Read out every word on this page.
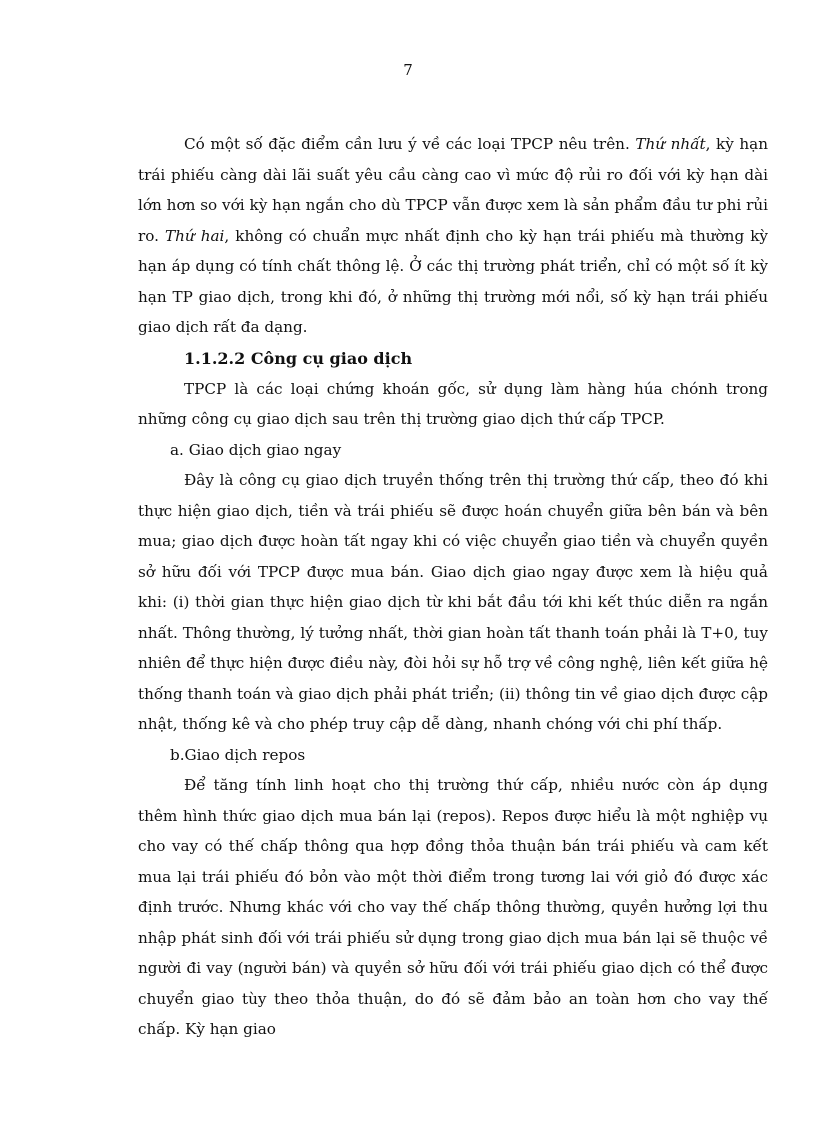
7

Có một số đặc điểm cần lưu ý về các loại TPCP nêu trên. Thứ nhất, kỳ hạn trái phiếu càng dài lãi suất yêu cầu càng cao vì mức độ rủi ro đối với kỳ hạn dài lớn hơn so với kỳ hạn ngắn cho dù TPCP vẫn được xem là sản phẩm đầu tư phi rủi ro. Thứ hai, không có chuẩn mực nhất định cho kỳ hạn trái phiếu mà thường kỳ hạn áp dụng có tính chất thông lệ. Ở các thị trường phát triển, chỉ có một số ít kỳ hạn TP giao dịch, trong khi đó, ở những thị trường mới nổi, số kỳ hạn trái phiếu giao dịch rất đa dạng.

1.1.2.2 Công cụ giao dịch

TPCP là các loại chứng khoán gốc, sử dụng làm hàng húa chónh trong những công cụ giao dịch sau trên thị trường giao dịch thứ cấp TPCP.

a. Giao dịch giao ngay

Đây là công cụ giao dịch truyền thống trên thị trường thứ cấp, theo đó khi thực hiện giao dịch, tiền và trái phiếu sẽ được hoán chuyển giữa bên bán và bên mua; giao dịch được hoàn tất ngay khi có việc chuyển giao tiền và chuyển quyền sở hữu đối với TPCP được mua bán. Giao dịch giao ngay được xem là hiệu quả khi: (i) thời gian thực hiện giao dịch từ khi bắt đầu tới khi kết thúc diễn ra ngắn nhất. Thông thường, lý tưởng nhất, thời gian hoàn tất thanh toán phải là T+0, tuy nhiên để thực hiện được điều này, đòi hỏi sự hỗ trợ về công nghệ, liên kết giữa hệ thống thanh toán và giao dịch phải phát triển; (ii) thông tin về giao dịch được cập nhật, thống kê và cho phép truy cập dễ dàng, nhanh chóng với chi phí thấp.

b.Giao dịch repos

Để tăng tính linh hoạt cho thị trường thứ cấp, nhiều nước còn áp dụng thêm hình thức giao dịch mua bán lại (repos). Repos được hiểu là một nghiệp vụ cho vay có thế chấp thông qua hợp đồng thỏa thuận bán trái phiếu và cam kết mua lại trái phiếu đó bỏn vào một thời điểm trong tương lai với giỏ đó được xác định trước. Nhưng khác với cho vay thế chấp thông thường, quyền hưởng lợi thu nhập phát sinh đối với trái phiếu sử dụng trong giao dịch mua bán lại sẽ thuộc về người đi vay (người bán) và quyền sở hữu đối với trái phiếu giao dịch có thể được chuyển giao tùy theo thỏa thuận, do đó sẽ đảm bảo an toàn hơn cho vay thế chấp. Kỳ hạn giao
